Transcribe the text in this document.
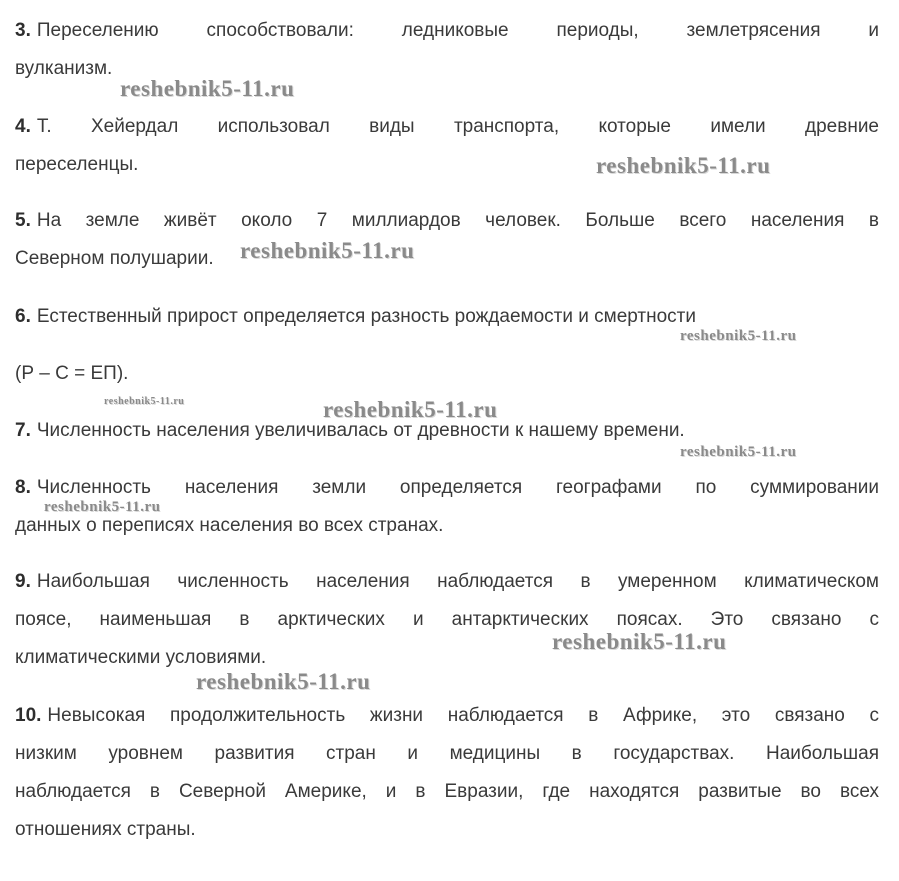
3. Переселению способствовали: ледниковые периоды, землетрясения и
вулканизм.
4. Т. Хейердал использовал виды транспорта, которые имели древние
переселенцы.
5. На земле живёт около 7 миллиардов человек. Больше всего населения в
Северном полушарии.
6. Естественный прирост определяется разность рождаемости и смертности
(Р – С = ЕП).
7. Численность населения увеличивалась от древности к нашему времени.
8. Численность населения земли определяется географами по суммировании
данных о переписях населения во всех странах.
9. Наибольшая численность населения наблюдается в умеренном климатическом
поясе, наименьшая в арктических и антарктических поясах. Это связано с
климатическими условиями.
10. Невысокая продолжительность жизни наблюдается в Африке, это связано с
низким уровнем развития стран и медицины в государствах. Наибольшая
наблюдается в Северной Америке, и в Евразии, где находятся развитые во всех
отношениях страны.
reshebnik5-11.ru
reshebnik5-11.ru
reshebnik5-11.ru
reshebnik5-11.ru
reshebnik5-11.ru	reshebnik5-11.ru
reshebnik5-11.ru
reshebnik5-11.ru
reshebnik5-11.ru
reshebnik5-11.ru
